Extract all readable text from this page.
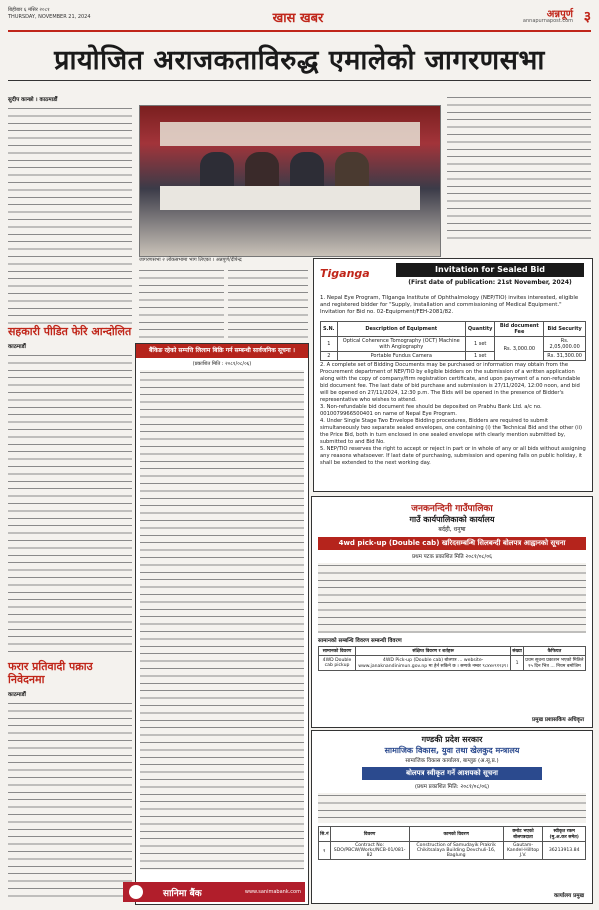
बिहीबार ६ मंसिर २०८१
THURSDAY, NOVEMBER 21, 2024	खास खबर	अन्नपूर्ण
annapurnapost.com ३
प्रायोजित अराजकताविरुद्ध एमालेको जागरणसभा
सुदीप कान्छो । काठमाडौं
जागरणसभा २ लोकसभामा भाग लिएका । अन्नपूर्ण/दीपेन्द्र
Tiganga	Invitation for Sealed Bid
(First date of publication: 21st November, 2024)
1. Nepal Eye Program, Tilganga Institute of Ophthalmology (NEP/TIO) invites interested, eligible and registered bidder for "Supply, installation and commissioning of Medical Equipment." Invitation for Bid no. 02-Equipment/FEH-2081/82.
S.N.	Description of Equipment	Quantity	Bid document Fee	Bid Security
1	Optical Coherence Tomography (OCT) Machine with Angiography	1 set	Rs. 3,000.00	Rs. 2,05,000.00
2	Portable Fundus Camera	1 set		Rs. 31,300.00
2. A complete set of Bidding Documents may be purchased or information may obtain from the Procurement department of NEP/TIO by eligible bidders on the submission of a written application along with the copy of company/firm registration certificate, and upon payment of a non-refundable bid document fee. The last date of bid purchase and submission is 27/11/2024, 12:00 noon, and bid will be opened on 27/11/2024, 12:30 p.m. The Bids will be opened in the presence of Bidder's representative who wishes to attend.
3. Non-refundable bid document fee should be deposited on Prabhu Bank Ltd. a/c no. 0010079966500401 on name of Nepal Eye Program.
4. Under Single Stage Two Envelope Bidding procedures, Bidders are required to submit simultaneously two separate sealed envelopes, one containing (i) the Technical Bid and the other (ii) the Price Bid, both in turn enclosed in one sealed envelope with clearly mention submitted by, submitted to and Bid No.
5. NEP/TIO reserves the right to accept or reject in part or in whole of any or all bids without assigning any reasons whatsoever. If last date of purchasing, submission and opening falls on public holiday, it shall be extended to the next working day.
सहकारी पीडित फेरि आन्दोलित
काठमाडौं
फरार प्रतिवादी पक्राउ निवेदनमा
काठमाडौं
बैंकिङ रहेको सम्पत्ति लिलाम बिक्रि गर्न सम्बन्धी सार्वजनिक सूचना ।
(प्रकाशित मिति : २०८१/०८/०६)
सानिमा बैंक	www.sanimabank.com
जनकनन्दिनी गाउँपालिका
गाउँ कार्यपालिकाको कार्यालय
बर्दही, धनुषा
4wd pick-up (Double cab) खरिदसम्बन्धि सिलबन्दी बोलपत्र आह्वानको सूचना
प्रथम पटक प्रकाशित मिति २०८१/०८/०६
सामानको सम्बन्धि विवरण सम्बन्धी विवरण
सामानको विवरण	संक्षिप्त विवरण र शर्तहरू	संख्या	कैफियत
4WD Double cab pickup	4WD Pick-up (Double cab) बोलपत्र ... website-www.janaknandinimun.gov.np मा हेर्न सकिने छ । सम्पर्क नम्बर ९८४४०९१२३९।	1	प्रथम सूचना प्रकाशन भएको मितिले १५ दिन भित्र ... नियम बमोजिम
प्रमुख प्रशासकिय अधिकृत
गण्डकी प्रदेश सरकार
सामाजिक विकास, युवा तथा खेलकुद मन्त्रालय
सामाजिक विकास कार्यालय, बाग्लुङ (अ.सू.प्र.)
बोलपत्र स्वीकृत गर्ने आशयको सूचना
(प्रथम प्रकाशित मिति: २०८१/०८/०६)
सि.नं	विवरण	कामको विवरण	छनोट भएको बोलपत्रदाता	स्वीकृत रकम (मु.अ.कर समेत)
१	Contract No: SDO/PBCW/Works/NCB-01/081-82	Construction of Samudayik Prakrik Chikitsalaya Building Devchuli-16, Baglung	Gautam-Kandel-Hilltop J.V.	36213913.84
कार्यालय प्रमुख
